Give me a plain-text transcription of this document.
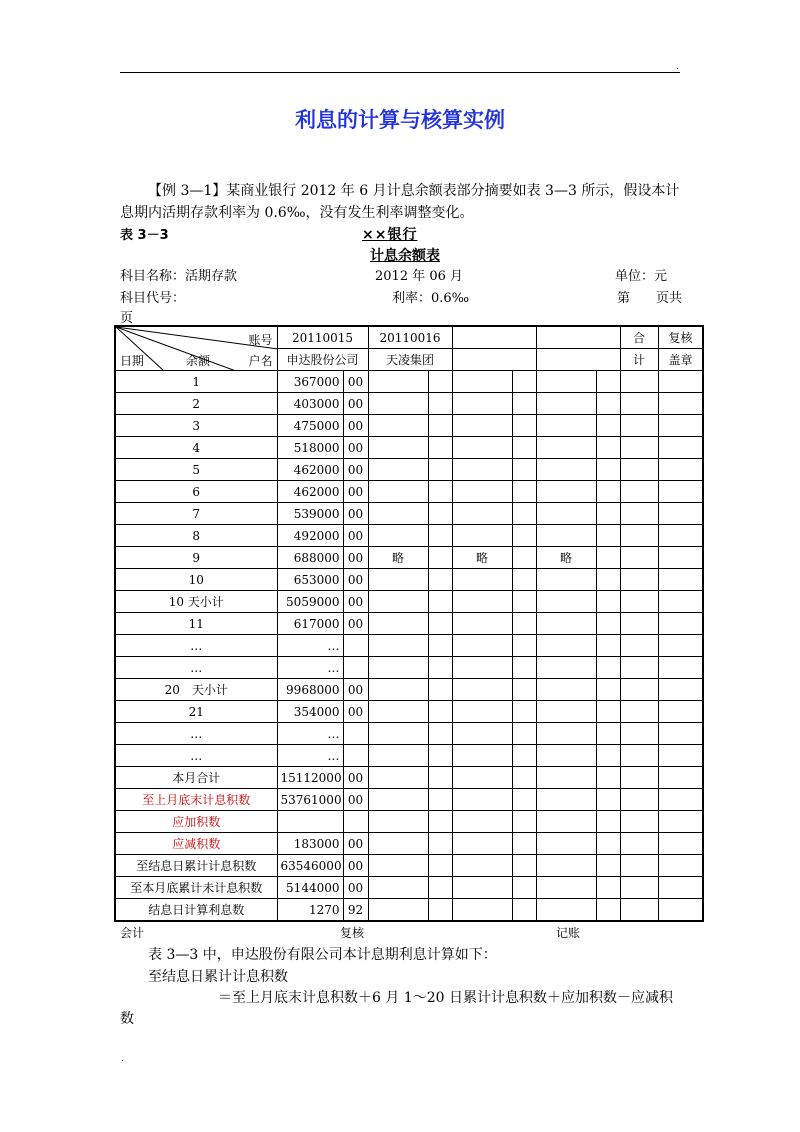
.
利息的计算与核算实例
【例 3—1】某商业银行 2012 年 6 月计息余额表部分摘要如表 3—3 所示，假设本计息期内活期存款利率为 0.6‰，没有发生利率调整变化。
表 3－3	××银行
计息余额表
科目名称：活期存款	2012 年 06 月	单位：元
科目代号：	利率：0.6‰	第　　页共
页
账号
户名
日期 余额	20110015		20110016						合	复核	
	申达股份公司		天凌集团						计	盖章	
1	367000	00										
2	403000	00										
3	475000	00										
4	518000	00										
5	462000	00										
6	462000	00										
7	539000	00										
8	492000	00										
9	688000	00	略		略		略					
10	653000	00										
10 天小计	5059000	00										
11	617000	00										
…	…											
…	…											
20　天小计	9968000	00										
21	354000	00										
…	…											
…	…											
本月合计	15112000	00										
至上月底末计息积数	53761000	00										
应加积数												
应减积数	183000	00										
至结息日累计计息积数	63546000	00										
至本月底累计未计息积数	5144000	00										
结息日计算利息数	1270	92										
会计	复核	记账
表 3—3 中，申达股份有限公司本计息期利息计算如下：
至结息日累计计息积数
＝至上月底末计息积数＋6 月 1～20 日累计计息积数＋应加积数－应减积
数
.
